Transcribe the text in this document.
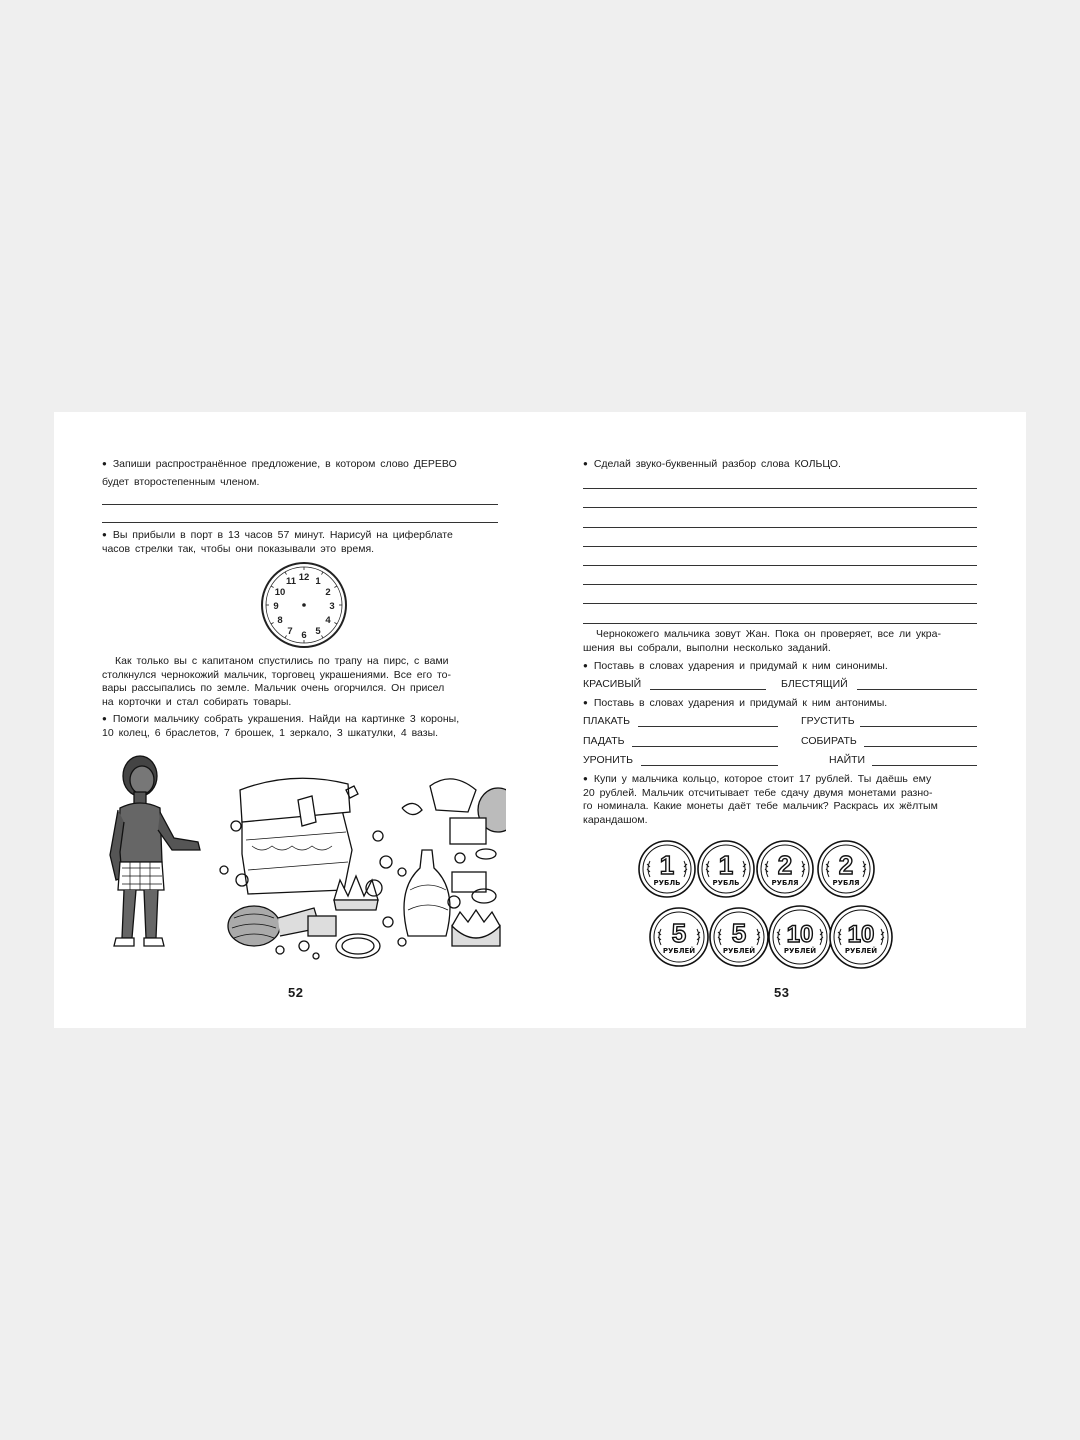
● Запиши распространённое предложение, в котором слово ДЕРЕВО
будет второстепенным членом.
● Вы прибыли в порт в 13 часов 57 минут. Нарисуй на циферблате
часов стрелки так, чтобы они показывали это время.
12 1
2
3
4
5
6
7
8
9
10
11
Как только вы с капитаном спустились по трапу на пирс, с вами
столкнулся чернокожий мальчик, торговец украшениями. Все его то-
вары рассыпались по земле. Мальчик очень огорчился. Он присел
на корточки и стал собирать товары.
● Помоги мальчику собрать украшения. Найди на картинке 3 короны,
10 колец, 6 браслетов, 7 брошек, 1 зеркало, 3 шкатулки, 4 вазы.
52
● Сделай звуко-буквенный разбор слова КОЛЬЦО.
Чернокожего мальчика зовут Жан. Пока он проверяет, все ли укра-
шения вы собрали, выполни несколько заданий.
● Поставь в словах ударения и придумай к ним синонимы.
КРАСИВЫЙ	БЛЕСТЯЩИЙ
● Поставь в словах ударения и придумай к ним антонимы.
ПЛАКАТЬ	ГРУСТИТЬ
ПАДАТЬ	СОБИРАТЬ
УРОНИТЬ	НАЙТИ
● Купи у мальчика кольцо, которое стоит 17 рублей. Ты даёшь ему
20 рублей. Мальчик отсчитывает тебе сдачу двумя монетами разно-
го номинала. Какие монеты даёт тебе мальчик? Раскрась их жёлтым
карандашом.
1
РУБЛЬ
1
РУБЛЬ
2
РУБЛЯ
2
РУБЛЯ
5
РУБЛЕЙ
5
РУБЛЕЙ
10
РУБЛЕЙ
10
РУБЛЕЙ
53
